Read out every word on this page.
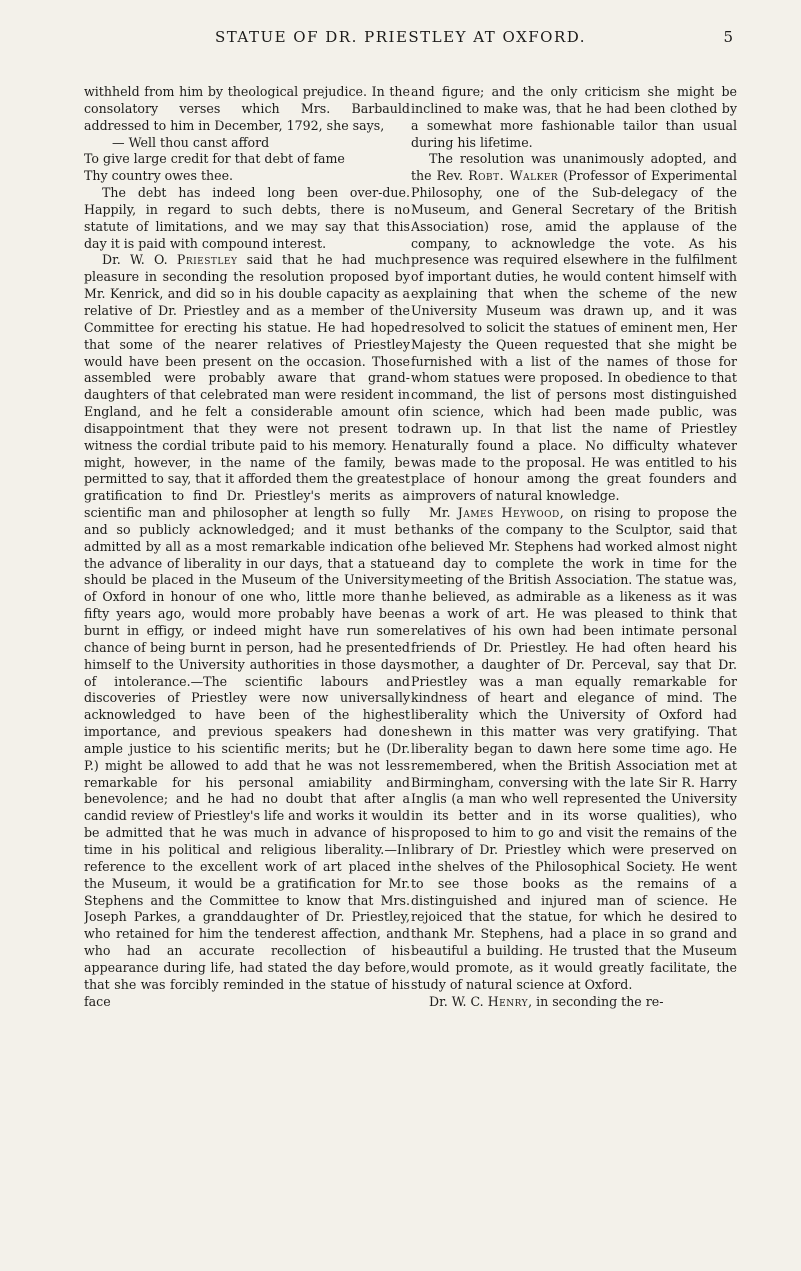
STATUE OF DR. PRIESTLEY AT OXFORD.	5

withheld from him by theological prejudice. In the consolatory verses which Mrs. Barbauld addressed to him in December, 1792, she says,

— Well thou canst afford
To give large credit for that debt of fame
Thy country owes thee.

The debt has indeed long been over-due. Happily, in regard to such debts, there is no statute of limitations, and we may say that this day it is paid with compound interest.

Dr. W. O. Priestley said that he had much pleasure in seconding the resolution proposed by Mr. Kenrick, and did so in his double capacity as a relative of Dr. Priestley and as a member of the Committee for erecting his statue. He had hoped that some of the nearer relatives of Priestley would have been present on the occasion. Those assembled were probably aware that grand-daughters of that celebrated man were resident in England, and he felt a considerable amount of disappointment that they were not present to witness the cordial tribute paid to his memory. He might, however, in the name of the family, be permitted to say, that it afforded them the greatest gratification to find Dr. Priestley's merits as a scientific man and philosopher at length so fully and so publicly acknowledged; and it must be admitted by all as a most remarkable indication of the advance of liberality in our days, that a statue should be placed in the Museum of the University of Oxford in honour of one who, little more than fifty years ago, would more probably have been burnt in effigy, or indeed might have run some chance of being burnt in person, had he presented himself to the University authorities in those days of intolerance.—The scientific labours and discoveries of Priestley were now universally acknowledged to have been of the highest importance, and previous speakers had done ample justice to his scientific merits; but he (Dr. P.) might be allowed to add that he was not less remarkable for his personal amiability and benevolence; and he had no doubt that after a candid review of Priestley's life and works it would be admitted that he was much in advance of his time in his political and religious liberality.—In reference to the excellent work of art placed in the Museum, it would be a gratification for Mr. Stephens and the Committee to know that Mrs. Joseph Parkes, a granddaughter of Dr. Priestley, who retained for him the tenderest affection, and who had an accurate recollection of his appearance during life, had stated the day before, that she was forcibly reminded in the statue of his face

and figure; and the only criticism she might be inclined to make was, that he had been clothed by a somewhat more fashionable tailor than usual during his lifetime.

The resolution was unanimously adopted, and the Rev. Robt. Walker (Professor of Experimental Philosophy, one of the Sub-delegacy of the Museum, and General Secretary of the British Association) rose, amid the applause of the company, to acknowledge the vote. As his presence was required elsewhere in the fulfilment of important duties, he would content himself with explaining that when the scheme of the new University Museum was drawn up, and it was resolved to solicit the statues of eminent men, Her Majesty the Queen requested that she might be furnished with a list of the names of those for whom statues were proposed. In obedience to that command, the list of persons most distinguished in science, which had been made public, was drawn up. In that list the name of Priestley naturally found a place. No difficulty whatever was made to the proposal. He was entitled to his place of honour among the great founders and improvers of natural knowledge.

Mr. James Heywood, on rising to propose the thanks of the company to the Sculptor, said that he believed Mr. Stephens had worked almost night and day to complete the work in time for the meeting of the British Association. The statue was, he believed, as admirable as a likeness as it was as a work of art. He was pleased to think that relatives of his own had been intimate personal friends of Dr. Priestley. He had often heard his mother, a daughter of Dr. Perceval, say that Dr. Priestley was a man equally remarkable for kindness of heart and elegance of mind. The liberality which the University of Oxford had shewn in this matter was very gratifying. That liberality began to dawn here some time ago. He remembered, when the British Association met at Birmingham, conversing with the late Sir R. Harry Inglis (a man who well represented the University in its better and in its worse qualities), who proposed to him to go and visit the remains of the library of Dr. Priestley which were preserved on the shelves of the Philosophical Society. He went to see those books as the remains of a distinguished and injured man of science. He rejoiced that the statue, for which he desired to thank Mr. Stephens, had a place in so grand and beautiful a building. He trusted that the Museum would promote, as it would greatly facilitate, the study of natural science at Oxford.

Dr. W. C. Henry, in seconding the re-
